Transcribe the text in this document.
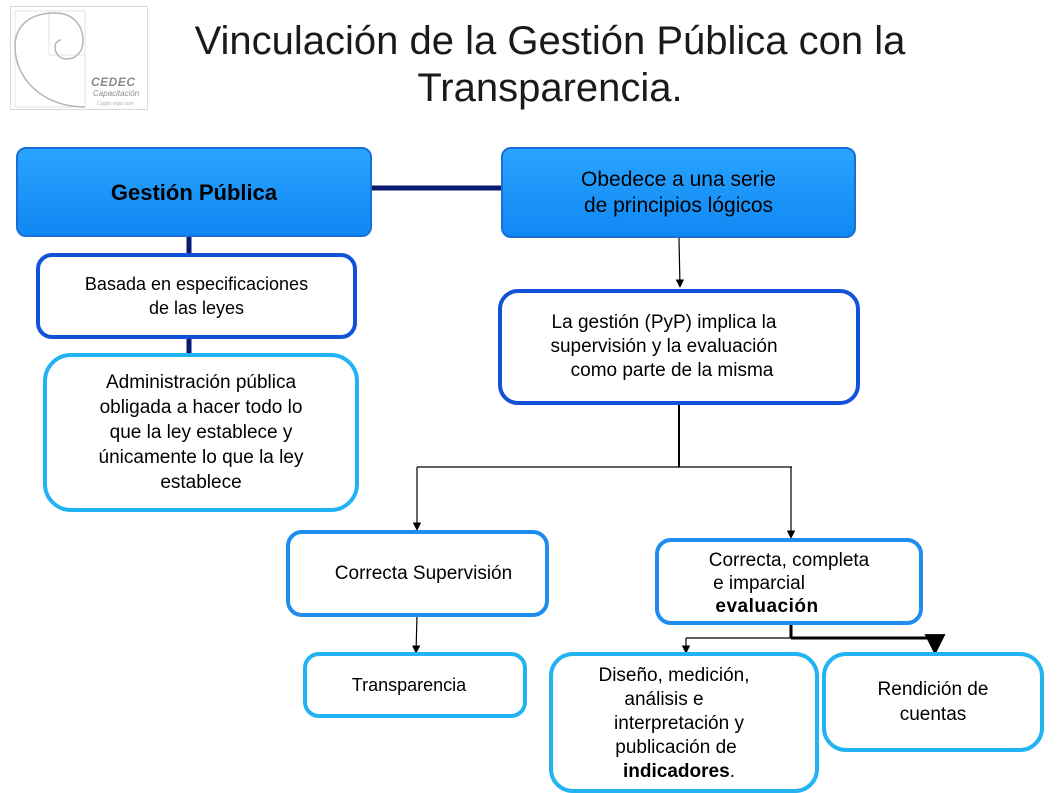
CEDEC
Capacitación
Cogito ergo sum
Vinculación de la Gestión Pública con la
Transparencia.
Gestión Pública
Obedece a una serie
de principios lógicos
Basada en especificaciones
de las leyes
Administración pública
obligada a hacer todo lo
que la ley establece y
únicamente lo que la ley
establece
La gestión (PyP) implica la
supervisión y la evaluación
como parte de la misma
Correcta Supervisión
Correcta, completa
e imparcial
evaluación
Transparencia	Diseño, medición,
análisis e
interpretación y
publicación de
indicadores.
Rendición de
cuentas
